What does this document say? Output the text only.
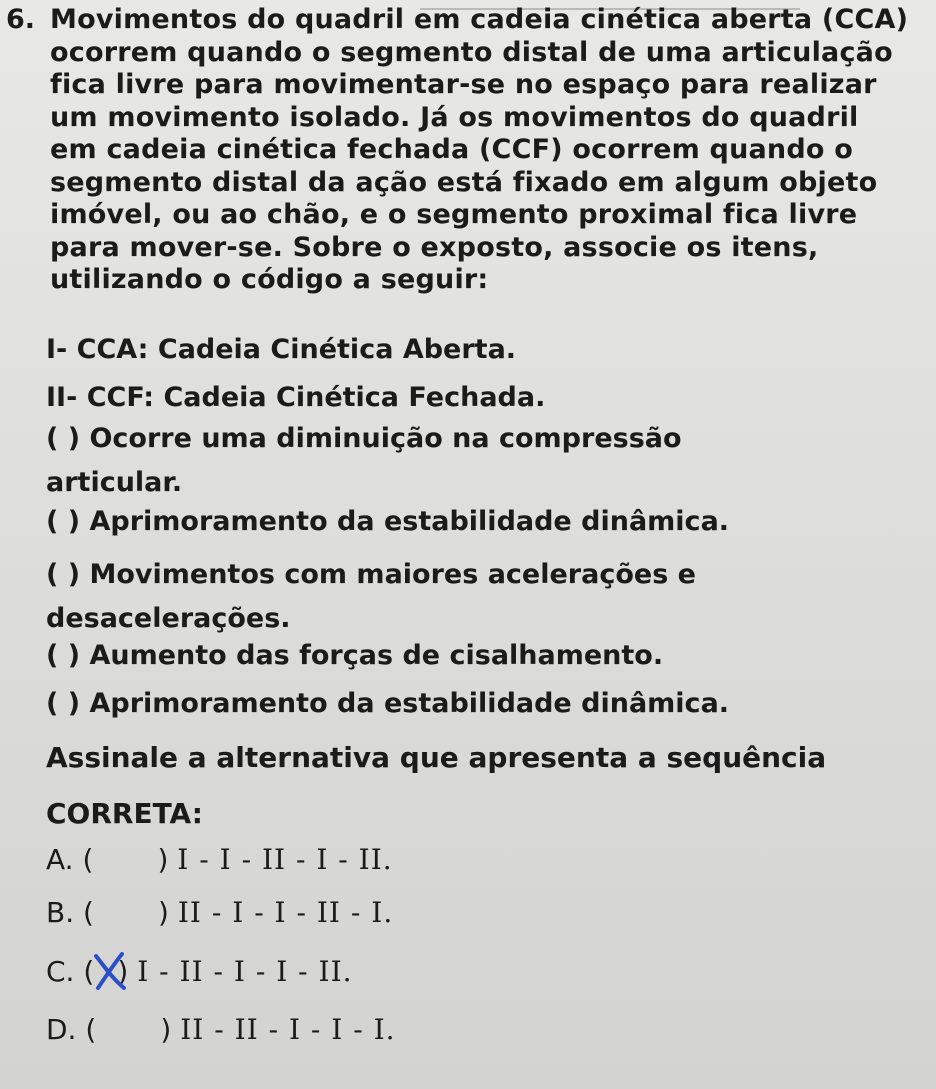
6. Movimentos do quadril em cadeia cinética aberta (CCA) ocorrem quando o segmento distal de uma articulação fica livre para movimentar-se no espaço para realizar um movimento isolado. Já os movimentos do quadril em cadeia cinética fechada (CCF) ocorrem quando o segmento distal da ação está fixado em algum objeto imóvel, ou ao chão, e o segmento proximal fica livre para mover-se. Sobre o exposto, associe os itens, utilizando o código a seguir:
I- CCA: Cadeia Cinética Aberta.
II- CCF: Cadeia Cinética Fechada.
( ) Ocorre uma diminuição na compressão articular.
( ) Aprimoramento da estabilidade dinâmica.
( ) Movimentos com maiores acelerações e desacelerações.
( ) Aumento das forças de cisalhamento.
( ) Aprimoramento da estabilidade dinâmica.
Assinale a alternativa que apresenta a sequência CORRETA:
A. ( ) I - I - II - I - II.
B. ( ) II - I - I - II - I.
C. ( ) I - II - I - I - II.
D. ( ) II - II - I - I - I.
